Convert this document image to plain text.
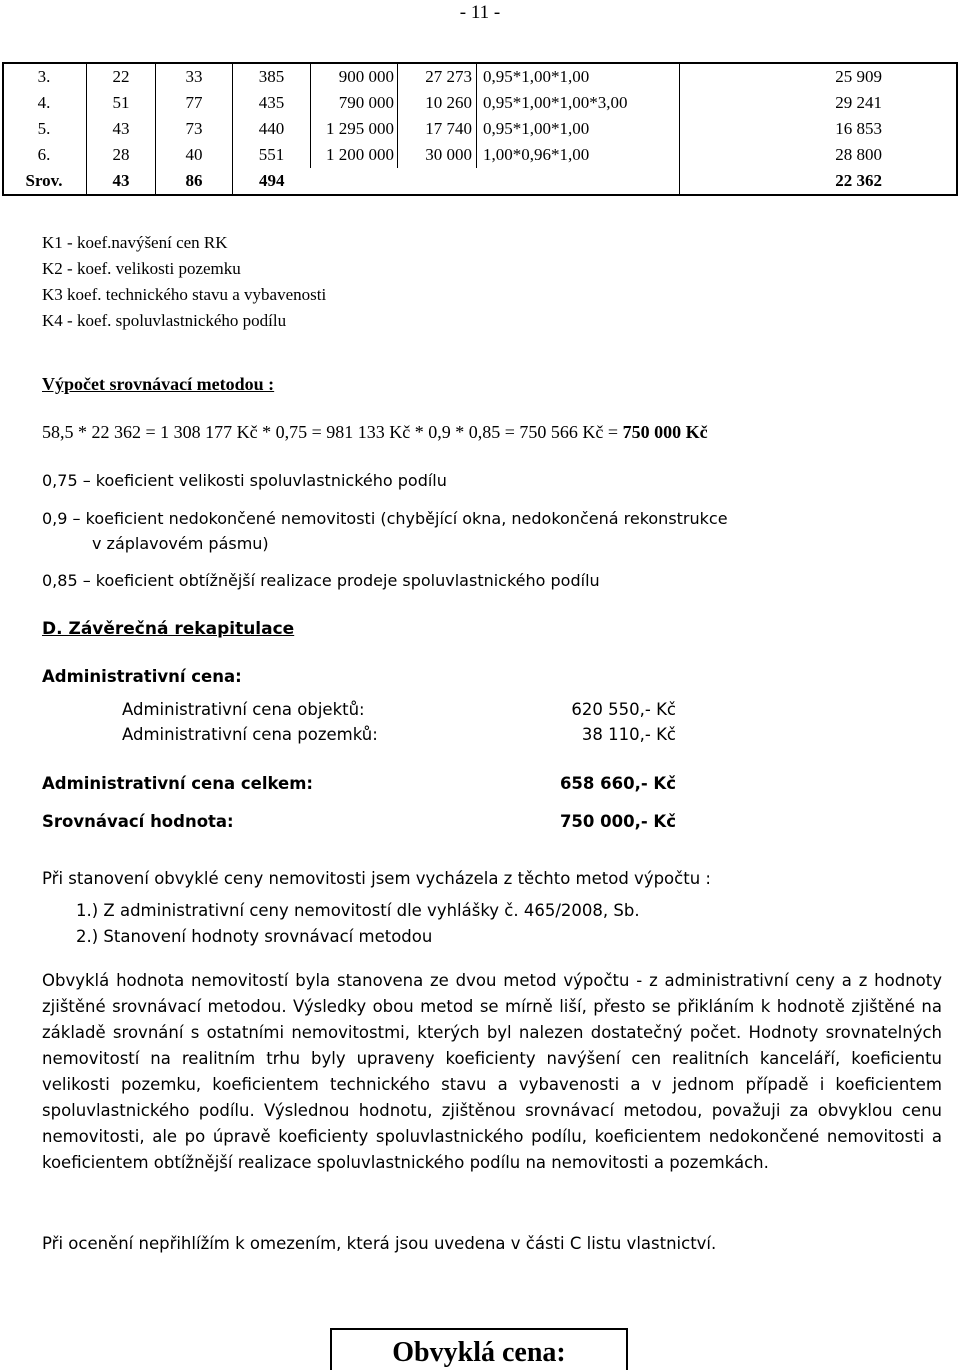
- 11 -
3.	22	33	385	900 000	27 273	0,95*1,00*1,00	25 909
4.	51	77	435	790 000	10 260	0,95*1,00*1,00*3,00	29 241
5.	43	73	440	1 295 000	17 740	0,95*1,00*1,00	16 853
6.	28	40	551	1 200 000	30 000	1,00*0,96*1,00	28 800
Srov.	43	86	494				22 362
K1 - koef.navýšení cen RK
K2 - koef. velikosti pozemku
K3 koef. technického stavu a vybavenosti
K4 - koef. spoluvlastnického podílu
Výpočet srovnávací metodou :
58,5 * 22 362 = 1 308 177 Kč * 0,75 = 981 133 Kč * 0,9 * 0,85 = 750 566 Kč = 750 000 Kč
0,75 – koeficient velikosti spoluvlastnického podílu
0,9 – koeficient nedokončené nemovitosti (chybějící okna, nedokončená rekonstrukce
v záplavovém pásmu)
0,85 – koeficient obtížnější realizace prodeje spoluvlastnického podílu
D. Závěrečná rekapitulace
Administrativní cena:
Administrativní cena objektů:	620 550,- Kč
Administrativní cena pozemků:	38 110,- Kč
Administrativní cena celkem:	658 660,- Kč
Srovnávací hodnota:	750 000,- Kč
Při stanovení obvyklé ceny nemovitosti jsem vycházela z těchto metod výpočtu :
1.) Z administrativní ceny nemovitostí dle vyhlášky č. 465/2008, Sb.
2.) Stanovení hodnoty srovnávací metodou
Obvyklá hodnota nemovitostí byla stanovena ze dvou metod výpočtu - z administrativní ceny a z hodnoty zjištěné srovnávací metodou. Výsledky obou metod se mírně liší, přesto se přikláním k hodnotě zjištěné na základě srovnání s ostatními nemovitostmi, kterých byl nalezen dostatečný počet. Hodnoty srovnatelných nemovitostí na realitním trhu byly upraveny koeficienty navýšení cen realitních kanceláří, koeficientu velikosti pozemku, koeficientem technického stavu a vybavenosti a v jednom případě i koeficientem spoluvlastnického podílu. Výslednou hodnotu, zjištěnou srovnávací metodou, považuji za obvyklou cenu nemovitosti, ale po úpravě koeficienty spoluvlastnického podílu, koeficientem nedokončené nemovitosti a koeficientem obtížnější realizace spoluvlastnického podílu na nemovitosti a pozemkách.
Při ocenění nepřihlížím k omezením, která jsou uvedena v části C listu vlastnictví.
Obvyklá cena:
